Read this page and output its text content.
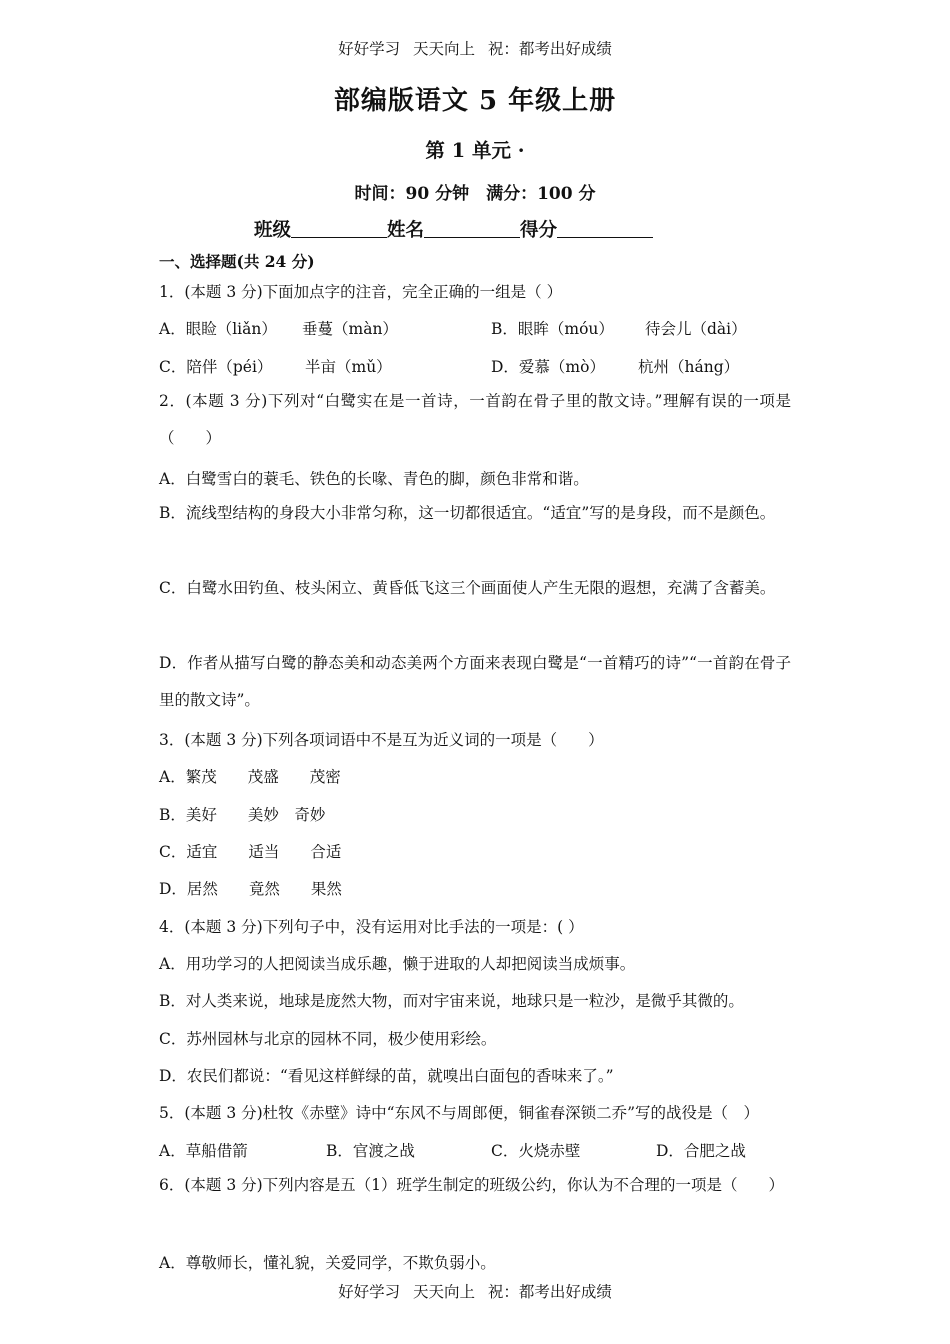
好好学习 天天向上 祝：都考出好成绩
部编版语文 5 年级上册
第 1 单元 ·
时间：90 分钟　满分：100 分
班级	姓名	得分
一、选择题(共 24 分)
1．(本题 3 分)下面加点字的注音，完全正确的一组是（ ）
A．眼睑（liǎn） 垂蔓（màn）	B．眼眸（móu） 待会儿（dài）
C．陪伴（péi） 半亩（mǔ）	D．爱慕（mò） 杭州（háng）
2．(本题 3 分)下列对“白鹭实在是一首诗，一首韵在骨子里的散文诗。”理解有误的一项是（　　）
A．白鹭雪白的蓑毛、铁色的长喙、青色的脚，颜色非常和谐。
B．流线型结构的身段大小非常匀称，这一切都很适宜。“适宜”写的是身段，而不是颜色。
C．白鹭水田钓鱼、枝头闲立、黄昏低飞这三个画面使人产生无限的遐想，充满了含蓄美。
D．作者从描写白鹭的静态美和动态美两个方面来表现白鹭是“一首精巧的诗”“一首韵在骨子里的散文诗”。
3．(本题 3 分)下列各项词语中不是互为近义词的一项是（　　）
A．繁茂　　茂盛　　茂密
B．美好　　美妙　奇妙
C．适宜　　适当　　合适
D．居然　　竟然　　果然
4．(本题 3 分)下列句子中，没有运用对比手法的一项是：( ）
A．用功学习的人把阅读当成乐趣，懒于进取的人却把阅读当成烦事。
B．对人类来说，地球是庞然大物，而对宇宙来说，地球只是一粒沙，是微乎其微的。
C．苏州园林与北京的园林不同，极少使用彩绘。
D．农民们都说：“看见这样鲜绿的苗，就嗅出白面包的香味来了。”
5．(本题 3 分)杜牧《赤壁》诗中“东风不与周郎便，铜雀春深锁二乔”写的战役是（　）
A．草船借箭	B．官渡之战	C．火烧赤壁	D．合肥之战
6．(本题 3 分)下列内容是五（1）班学生制定的班级公约，你认为不合理的一项是（　　）
A．尊敬师长，懂礼貌，关爱同学，不欺负弱小。
好好学习 天天向上 祝：都考出好成绩
